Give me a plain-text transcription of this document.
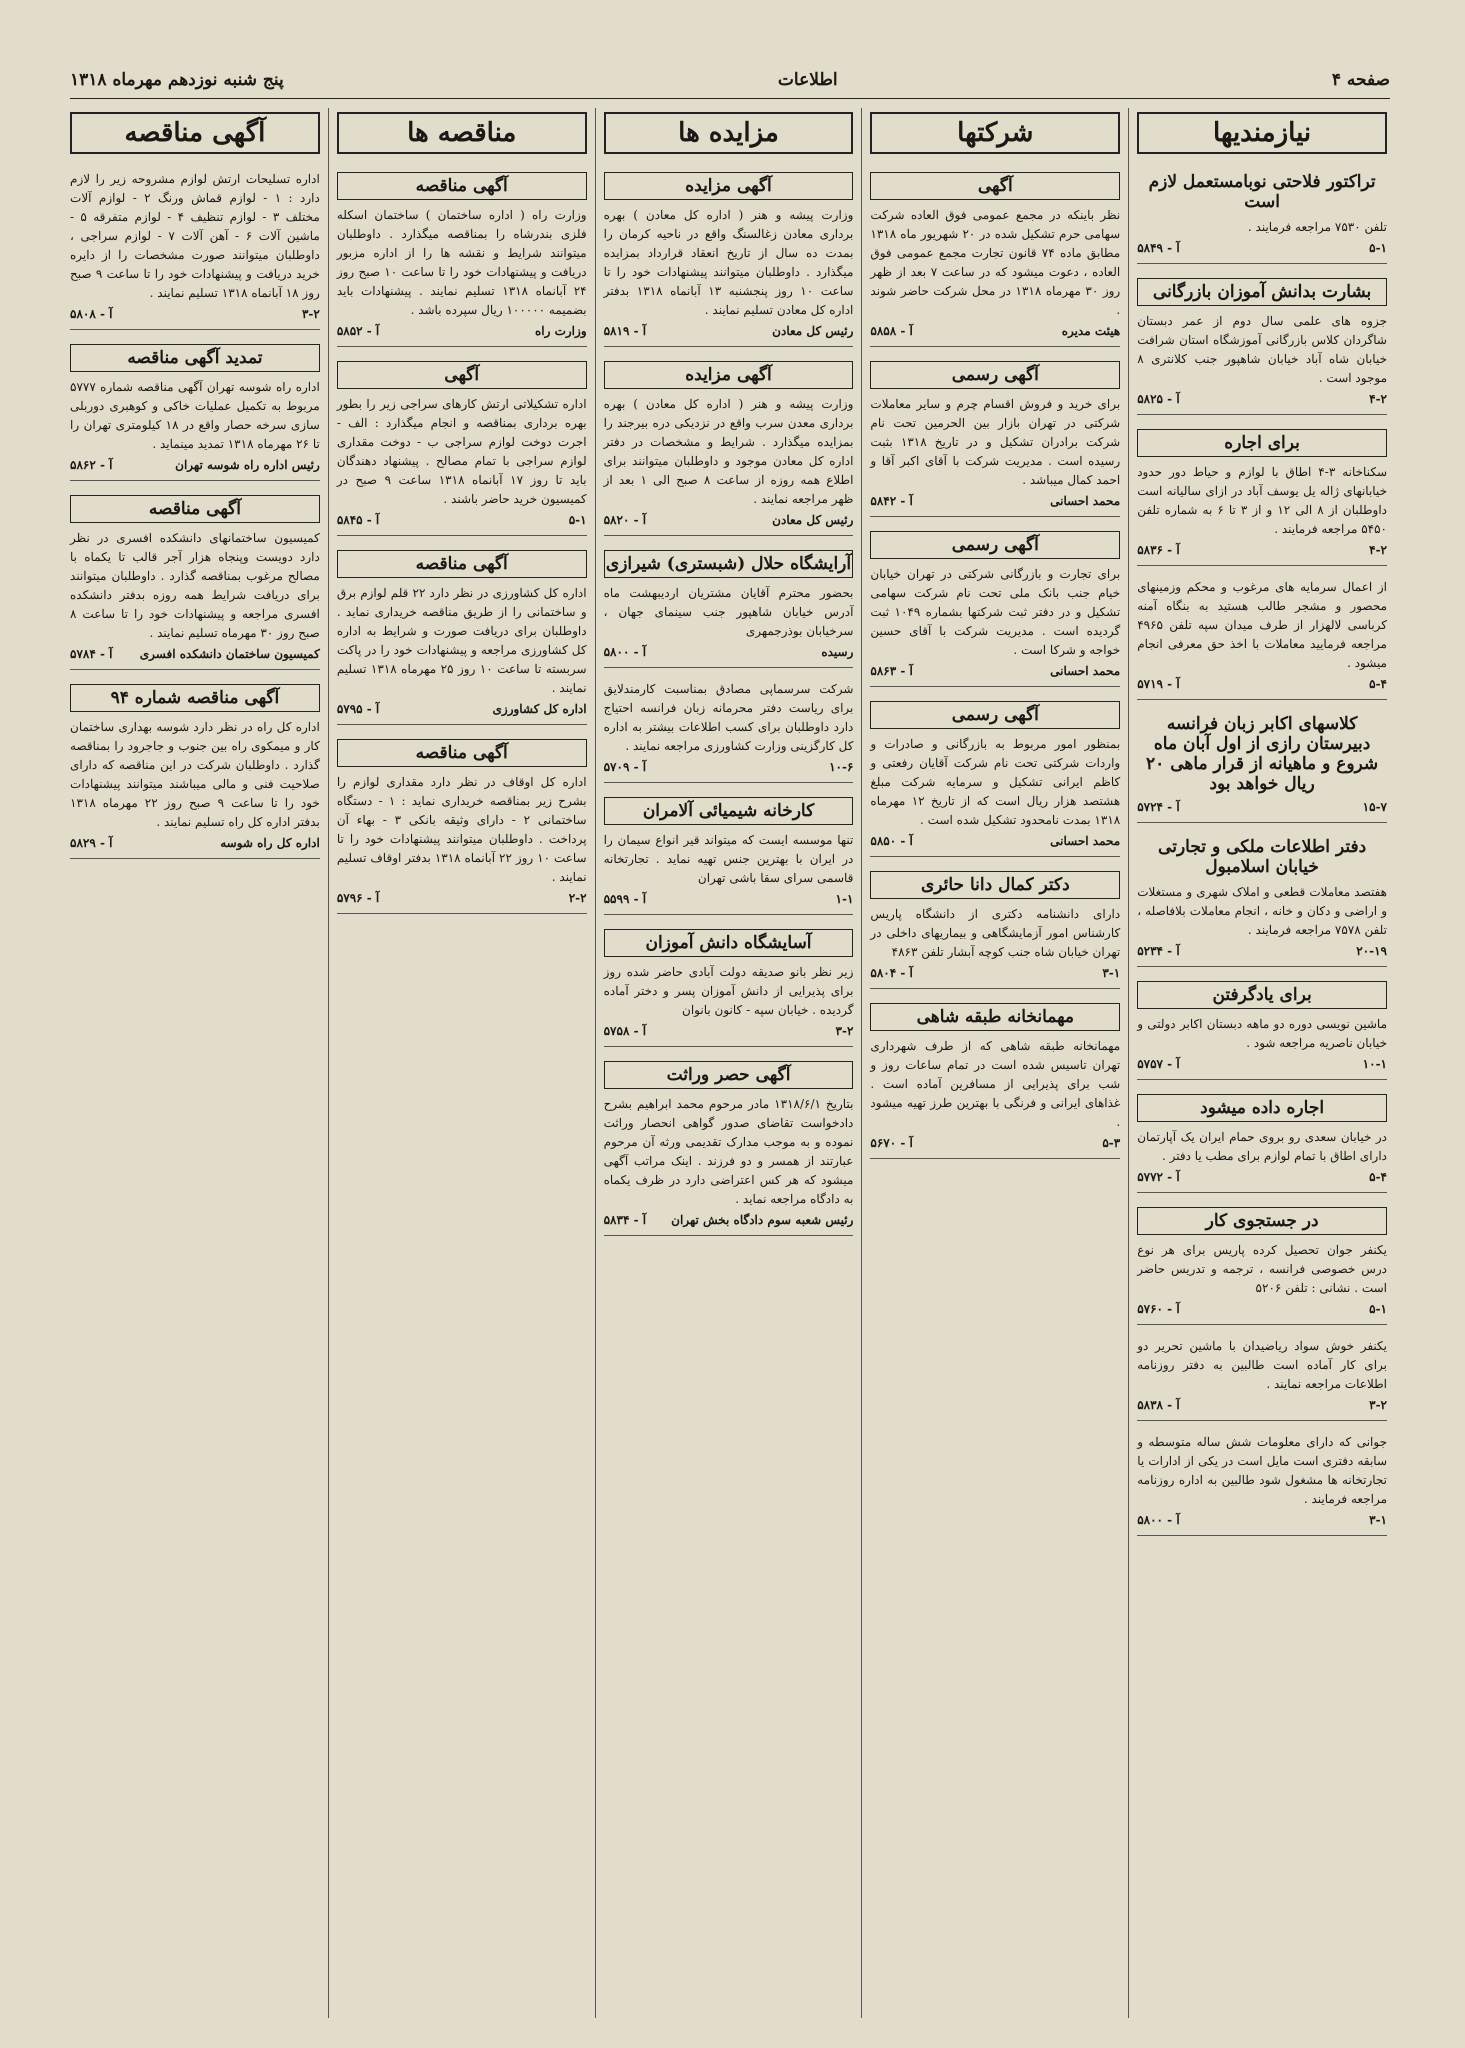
صفحه ۴
اطلاعات
پنج شنبه نوزدهم مهرماه ۱۳۱۸
نیازمندیها
تراکتور فلاحتی نوبامستعمل لازم است
تلفن ۷۵۳۰ مراجعه فرمایند .
۵-۱
آ - ۵۸۴۹
بشارت بدانش آموزان بازرگانی
جزوه های علمی سال دوم از عمر دبستان شاگردان کلاس بازرگانی آموزشگاه استان شرافت خیابان شاه آباد خیابان شاهپور جنب کلانتری ۸ موجود است .
۴-۲
آ - ۵۸۲۵
برای اجاره
سکناخانه ۳-۴ اطاق با لوازم و حیاط دور حدود خیابانهای ژاله یل یوسف آباد در ازای سالیانه است داوطلبان از ۸ الی ۱۲ و از ۳ تا ۶ به شماره تلفن ۵۴۵۰ مراجعه فرمایند .
۴-۲
آ - ۵۸۳۶
از اعمال سرمایه های مرغوب و محکم وزمینهای محصور و مشجر طالب هستید به بنگاه آمنه کرباسی لالهزار از طرف میدان سپه تلفن ۴۹۶۵ مراجعه فرمایید معاملات با اخذ حق معرفی انجام میشود .
۵-۴
آ - ۵۷۱۹
کلاسهای اکابر زبان فرانسه دبیرستان رازی از اول آبان ماه شروع و ماهیانه از قرار ماهی ۲۰ ریال خواهد بود
۱۵-۷
آ - ۵۷۲۴
دفتر اطلاعات ملکی و تجارتی خیابان اسلامبول
هفتصد معاملات قطعی و املاک شهری و مستغلات و اراضی و دکان و خانه ، انجام معاملات بلافاصله ، تلفن ۷۵۷۸ مراجعه فرمایند .
۲۰-۱۹
آ - ۵۲۳۴
برای یادگرفتن
ماشین نویسی دوره دو ماهه دبستان اکابر دولتی و خیابان ناصریه مراجعه شود .
۱۰-۱
آ - ۵۷۵۷
اجاره داده میشود
در خیابان سعدی رو بروی حمام ایران یک آپارتمان دارای اطاق با تمام لوازم برای مطب یا دفتر .
۵-۴
آ - ۵۷۷۲
در جستجوی کار
یکنفر جوان تحصیل کرده پاریس برای هر نوع درس خصوصی فرانسه ، ترجمه و تدریس حاضر است . نشانی : تلفن ۵۲۰۶
۵-۱
آ - ۵۷۶۰
یکنفر خوش سواد ریاضیدان با ماشین تحریر دو برای کار آماده است طالبین به دفتر روزنامه اطلاعات مراجعه نمایند .
۳-۲
آ - ۵۸۳۸
جوانی که دارای معلومات شش ساله متوسطه و سابقه دفتری است مایل است در یکی از ادارات یا تجارتخانه ها مشغول شود طالبین به اداره روزنامه مراجعه فرمایند .
۳-۱
آ - ۵۸۰۰
شرکتها
آگهی
نظر باینکه در مجمع عمومی فوق العاده شرکت سهامی حرم تشکیل شده در ۲۰ شهریور ماه ۱۳۱۸ مطابق ماده ۷۴ قانون تجارت مجمع عمومی فوق العاده ، دعوت میشود که در ساعت ۷ بعد از ظهر روز ۳۰ مهرماه ۱۳۱۸ در محل شرکت حاضر شوند .
هیئت مدیره
آ - ۵۸۵۸
آگهی رسمی
برای خرید و فروش اقسام چرم و سایر معاملات شرکتی در تهران بازار بین الحرمین تحت نام شرکت برادران تشکیل و در تاریخ ۱۳۱۸ بثبت رسیده است . مدیریت شرکت با آقای اکبر آقا و احمد کمال میباشد .
محمد احسانی
آ - ۵۸۴۲
آگهی رسمی
برای تجارت و بازرگانی شرکتی در تهران خیابان خیام جنب بانک ملی تحت نام شرکت سهامی تشکیل و در دفتر ثبت شرکتها بشماره ۱۰۴۹ ثبت گردیده است . مدیریت شرکت با آقای حسین خواجه و شرکا است .
محمد احسانی
آ - ۵۸۶۳
آگهی رسمی
بمنظور امور مربوط به بازرگانی و صادرات و واردات شرکتی تحت نام شرکت آقایان رفعتی و کاظم ایرانی تشکیل و سرمایه شرکت مبلغ هشتصد هزار ریال است که از تاریخ ۱۲ مهرماه ۱۳۱۸ بمدت نامحدود تشکیل شده است .
محمد احسانی
آ - ۵۸۵۰
دکتر کمال دانا حائری
دارای دانشنامه دکتری از دانشگاه پاریس کارشناس امور آزمایشگاهی و بیماریهای داخلی در تهران خیابان شاه جنب کوچه آبشار تلفن ۴۸۶۳
۳-۱
آ - ۵۸۰۴
مهمانخانه طبقه شاهی
مهمانخانه طبقه شاهی که از طرف شهرداری تهران تاسیس شده است در تمام ساعات روز و شب برای پذیرایی از مسافرین آماده است . غذاهای ایرانی و فرنگی با بهترین طرز تهیه میشود .
۵-۳
آ - ۵۶۷۰
مزایده ها
آگهی مزایده
وزارت پیشه و هنر ( اداره کل معادن ) بهره برداری معادن زغالسنگ واقع در ناحیه کرمان را بمدت ده سال از تاریخ انعقاد قرارداد بمزایده میگذارد . داوطلبان میتوانند پیشنهادات خود را تا ساعت ۱۰ روز پنجشنبه ۱۳ آبانماه ۱۳۱۸ بدفتر اداره کل معادن تسلیم نمایند .
رئیس کل معادن
آ - ۵۸۱۹
آگهی مزایده
وزارت پیشه و هنر ( اداره کل معادن ) بهره برداری معدن سرب واقع در نزدیکی دره بیرجند را بمزایده میگذارد . شرایط و مشخصات در دفتر اداره کل معادن موجود و داوطلبان میتوانند برای اطلاع همه روزه از ساعت ۸ صبح الی ۱ بعد از ظهر مراجعه نمایند .
رئیس کل معادن
آ - ۵۸۲۰
آرایشگاه حلال (شبستری) شیرازی
بحضور محترم آقایان مشتریان اردیبهشت ماه آدرس خیابان شاهپور جنب سینمای جهان ، سرخیابان بوذرجمهری
رسیده
آ - ۵۸۰۰
شرکت سرسماپی مصادق بمناسبت کارمندلایق برای ریاست دفتر محرمانه زبان فرانسه احتیاج دارد داوطلبان برای کسب اطلاعات بیشتر به اداره کل کارگزینی وزارت کشاورزی مراجعه نمایند .
۱۰-۶
آ - ۵۷۰۹
کارخانه شیمیائی آلامران
تنها موسسه ایست که میتواند قیر انواع سیمان را در ایران با بهترین جنس تهیه نماید . تجارتخانه قاسمی سرای سقا باشی تهران
۱-۱
آ - ۵۵۹۹
آسایشگاه دانش آموزان
زیر نظر بانو صدیقه دولت آبادی حاضر شده روز برای پذیرایی از دانش آموزان پسر و دختر آماده گردیده . خیابان سپه - کانون بانوان
۳-۲
آ - ۵۷۵۸
آگهی حصر وراثت
بتاریخ ۱۳۱۸/۶/۱ مادر مرحوم محمد ابراهیم بشرح دادخواست تقاضای صدور گواهی انحصار وراثت نموده و به موجب مدارک تقدیمی ورثه آن مرحوم عبارتند از همسر و دو فرزند . اینک مراتب آگهی میشود که هر کس اعتراضی دارد در ظرف یکماه به دادگاه مراجعه نماید .
رئیس شعبه سوم دادگاه بخش تهران
آ - ۵۸۳۴
مناقصه ها
آگهی مناقصه
وزارت راه ( اداره ساختمان ) ساختمان اسکله فلزی بندرشاه را بمناقصه میگذارد . داوطلبان میتوانند شرایط و نقشه ها را از اداره مزبور دریافت و پیشنهادات خود را تا ساعت ۱۰ صبح روز ۲۴ آبانماه ۱۳۱۸ تسلیم نمایند . پیشنهادات باید بضمیمه ۱۰۰۰۰۰ ریال سپرده باشد .
وزارت راه
آ - ۵۸۵۲
آگهی
اداره تشکیلاتی ارتش کارهای سراجی زیر را بطور بهره برداری بمناقصه و انجام میگذارد : الف - اجرت دوخت لوازم سراجی ب - دوخت مقداری لوازم سراجی با تمام مصالح . پیشنهاد دهندگان باید تا روز ۱۷ آبانماه ۱۳۱۸ ساعت ۹ صبح در کمیسیون خرید حاضر باشند .
۵-۱
آ - ۵۸۴۵
آگهی مناقصه
اداره کل کشاورزی در نظر دارد ۲۲ قلم لوازم برق و ساختمانی را از طریق مناقصه خریداری نماید . داوطلبان برای دریافت صورت و شرایط به اداره کل کشاورزی مراجعه و پیشنهادات خود را در پاکت سربسته تا ساعت ۱۰ روز ۲۵ مهرماه ۱۳۱۸ تسلیم نمایند .
اداره کل کشاورزی
آ - ۵۷۹۵
آگهی مناقصه
اداره کل اوقاف در نظر دارد مقداری لوازم را بشرح زیر بمناقصه خریداری نماید : ۱ - دستگاه ساختمانی ۲ - دارای وثیقه بانکی ۳ - بهاء آن پرداخت . داوطلبان میتوانند پیشنهادات خود را تا ساعت ۱۰ روز ۲۲ آبانماه ۱۳۱۸ بدفتر اوقاف تسلیم نمایند .
۲-۲
آ - ۵۷۹۶
آگهی مناقصه
اداره تسلیحات ارتش لوازم مشروحه زیر را لازم دارد : ۱ - لوازم قماش ورنگ ۲ - لوازم آلات مختلف ۳ - لوازم تنظیف ۴ - لوازم متفرقه ۵ - ماشین آلات ۶ - آهن آلات ۷ - لوازم سراجی ، داوطلبان میتوانند صورت مشخصات را از دایره خرید دریافت و پیشنهادات خود را تا ساعت ۹ صبح روز ۱۸ آبانماه ۱۳۱۸ تسلیم نمایند .
۳-۲
آ - ۵۸۰۸
تمدید آگهی مناقصه
اداره راه شوسه تهران آگهی مناقصه شماره ۵۷۷۷ مربوط به تکمیل عملیات خاکی و کوهبری دوربلی سازی سرخه حصار واقع در ۱۸ کیلومتری تهران را تا ۲۶ مهرماه ۱۳۱۸ تمدید مینماید .
رئیس اداره راه شوسه تهران
آ - ۵۸۶۲
آگهی مناقصه
کمیسیون ساختمانهای دانشکده افسری در نظر دارد دویست وپنجاه هزار آجر قالب تا یکماه با مصالح مرغوب بمناقصه گذارد . داوطلبان میتوانند برای دریافت شرایط همه روزه بدفتر دانشکده افسری مراجعه و پیشنهادات خود را تا ساعت ۸ صبح روز ۳۰ مهرماه تسلیم نمایند .
کمیسیون ساختمان دانشکده افسری
آ - ۵۷۸۴
آگهی مناقصه شماره ۹۴
اداره کل راه در نظر دارد شوسه بهداری ساختمان کار و میمکوی راه بین جنوب و جاجرود را بمناقصه گذارد . داوطلبان شرکت در این مناقصه که دارای صلاحیت فنی و مالی میباشند میتوانند پیشنهادات خود را تا ساعت ۹ صبح روز ۲۲ مهرماه ۱۳۱۸ بدفتر اداره کل راه تسلیم نمایند .
اداره کل راه شوسه
آ - ۵۸۲۹
